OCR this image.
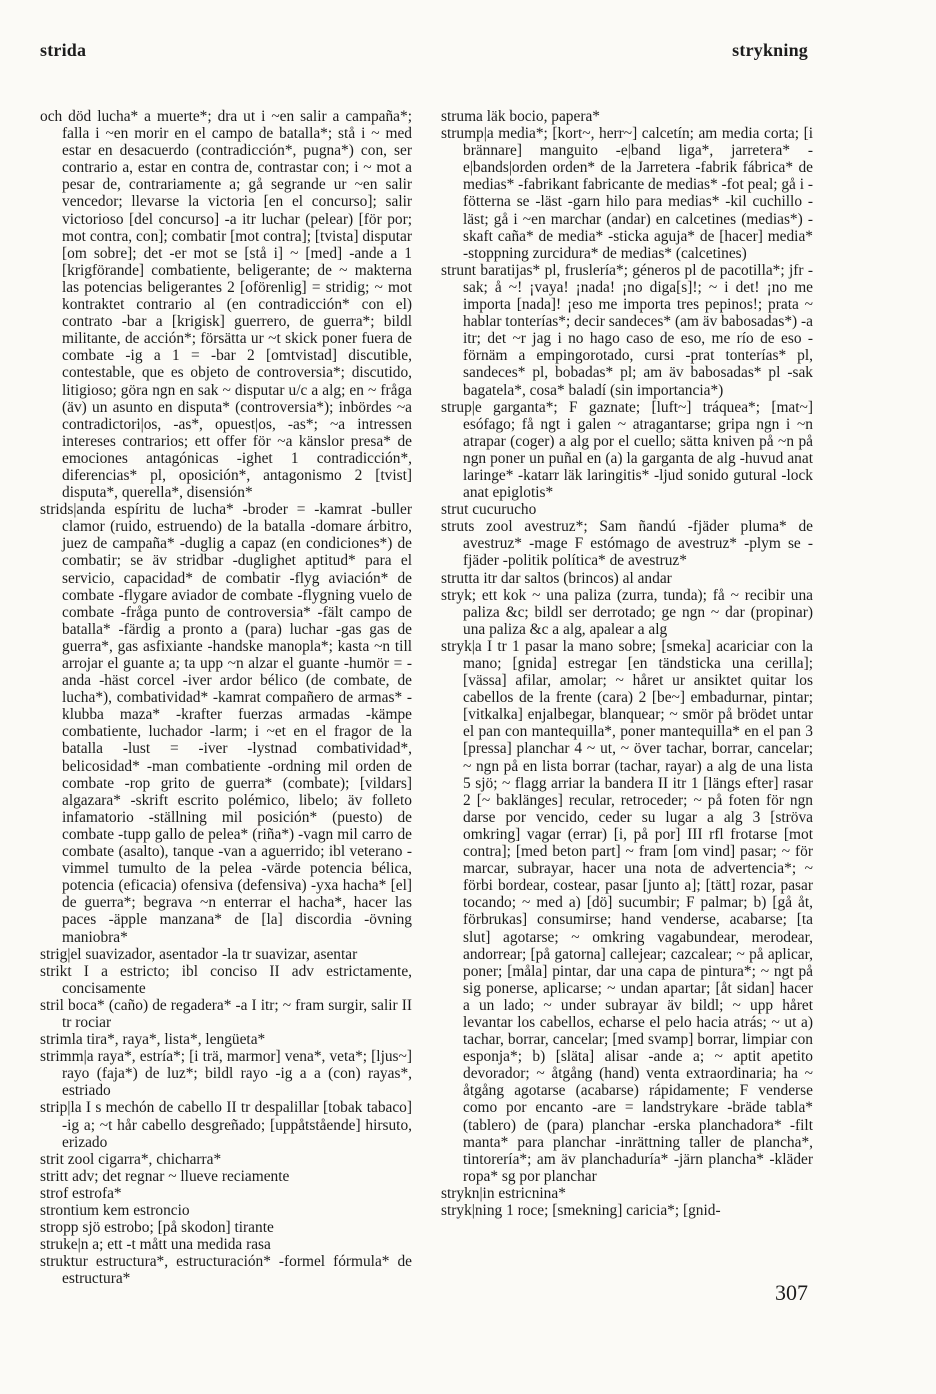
strida	strykning

och död lucha* a muerte*; dra ut i ~en salir a campaña*; falla i ~en morir en el campo de batalla*; stå i ~ med estar en desacuerdo (contradicción*, pugna*) con, ser contrario a, estar en contra de, contrastar con; i ~ mot a pesar de, contrariamente a; gå segrande ur ~en salir vencedor; llevarse la victoria [en el concurso]; salir victorioso [del concurso] -a itr luchar (pelear) [för por; mot contra, con]; combatir [mot contra]; [tvista] disputar [om sobre]; det -er mot se [stå i] ~ [med] -ande a 1 [krigförande] combatiente, beligerante; de ~ makterna las potencias beligerantes 2 [oförenlig] = stridig; ~ mot kontraktet contrario al (en contradicción* con el) contrato -bar a [krigisk] guerrero, de guerra*; bildl militante, de acción*; försätta ur ~t skick poner fuera de combate -ig a 1 = -bar 2 [omtvistad] discutible, contestable, que es objeto de controversia*; discutido, litigioso; göra ngn en sak ~ disputar u/c a alg; en ~ fråga (äv) un asunto en disputa* (controversia*); inbördes ~a contradictori|os, -as*, opuest|os, -as*; ~a intressen intereses contrarios; ett offer för ~a känslor presa* de emociones antagónicas -ighet 1 contradicción*, diferencias* pl, oposición*, antagonismo 2 [tvist] disputa*, querella*, disensión*

strids|anda espíritu de lucha* -broder = -kamrat -buller clamor (ruido, estruendo) de la batalla -domare árbitro, juez de campaña* -duglig a capaz (en condiciones*) de combatir; se äv stridbar -duglighet aptitud* para el servicio, capacidad* de combatir -flyg aviación* de combate -flygare aviador de combate -flygning vuelo de combate -fråga punto de controversia* -fält campo de batalla* -färdig a pronto a (para) luchar -gas gas de guerra*, gas asfixiante -handske manopla*; kasta ~n till arrojar el guante a; ta upp ~n alzar el guante -humör = -anda -häst corcel -iver ardor bélico (de combate, de lucha*), combatividad* -kamrat compañero de armas* -klubba maza* -krafter fuerzas armadas -kämpe combatiente, luchador -larm; i ~et en el fragor de la batalla -lust = -iver -lystnad combatividad*, belicosidad* -man combatiente -ordning mil orden de combate -rop grito de guerra* (combate); [vildars] algazara* -skrift escrito polémico, libelo; äv folleto infamatorio -ställning mil posición* (puesto) de combate -tupp gallo de pelea* (riña*) -vagn mil carro de combate (asalto), tanque -van a aguerrido; ibl veterano -vimmel tumulto de la pelea -värde potencia bélica, potencia (eficacia) ofensiva (defensiva) -yxa hacha* [el] de guerra*; begrava ~n enterrar el hacha*, hacer las paces -äpple manzana* de [la] discordia -övning maniobra*

strig|el suavizador, asentador -la tr suavizar, asentar

strikt I a estricto; ibl conciso II adv estrictamente, concisamente

stril boca* (caño) de regadera* -a I itr; ~ fram surgir, salir II tr rociar

strimla tira*, raya*, lista*, lengüeta*

strimm|a raya*, estría*; [i trä, marmor] vena*, veta*; [ljus~] rayo (faja*) de luz*; bildl rayo -ig a a (con) rayas*, estriado

strip|la I s mechón de cabello II tr despalillar [tobak tabaco] -ig a; ~t hår cabello desgreñado; [uppåtstående] hirsuto, erizado

strit zool cigarra*, chicharra*

stritt adv; det regnar ~ llueve reciamente

strof estrofa*

strontium kem estroncio

stropp sjö estrobo; [på skodon] tirante

struke|n a; ett -t mått una medida rasa

struktur estructura*, estructuración* -formel fórmula* de estructura*

struma läk bocio, papera*

strump|a media*; [kort~, herr~] calcetín; am media corta; [i brännare] manguito -e|band liga*, jarretera* -e|bands|orden orden* de la Jarretera -fabrik fábrica* de medias* -fabrikant fabricante de medias* -fot peal; gå i -fötterna se -läst -garn hilo para medias* -kil cuchillo -läst; gå i ~en marchar (andar) en calcetines (medias*) -skaft caña* de media* -sticka aguja* de [hacer] media* -stoppning zurcidura* de medias* (calcetines)

strunt baratijas* pl, fruslería*; géneros pl de pacotilla*; jfr -sak; å ~! ¡vaya! ¡nada! ¡no diga[s]!; ~ i det! ¡no me importa [nada]! ¡eso me importa tres pepinos!; prata ~ hablar tonterías*; decir sandeces* (am äv babosadas*) -a itr; det ~r jag i no hago caso de eso, me río de eso -förnäm a empingorotado, cursi -prat tonterías* pl, sandeces* pl, bobadas* pl; am äv babosadas* pl -sak bagatela*, cosa* baladí (sin importancia*)

strup|e garganta*; F gaznate; [luft~] tráquea*; [mat~] esófago; få ngt i galen ~ atragantarse; gripa ngn i ~n atrapar (coger) a alg por el cuello; sätta kniven på ~n på ngn poner un puñal en (a) la garganta de alg -huvud anat laringe* -katarr läk laringitis* -ljud sonido gutural -lock anat epiglotis*

strut cucurucho

struts zool avestruz*; Sam ñandú -fjäder pluma* de avestruz* -mage F estómago de avestruz* -plym se -fjäder -politik política* de avestruz*

strutta itr dar saltos (brincos) al andar

stryk; ett kok ~ una paliza (zurra, tunda); få ~ recibir una paliza &c; bildl ser derrotado; ge ngn ~ dar (propinar) una paliza &c a alg, apalear a alg

stryk|a I tr 1 pasar la mano sobre; [smeka] acariciar con la mano; [gnida] estregar [en tändsticka una cerilla]; [vässa] afilar, amolar; ~ håret ur ansiktet quitar los cabellos de la frente (cara) 2 [be~] embadurnar, pintar; [vitkalka] enjalbegar, blanquear; ~ smör på brödet untar el pan con mantequilla*, poner mantequilla* en el pan 3 [pressa] planchar 4 ~ ut, ~ över tachar, borrar, cancelar; ~ ngn på en lista borrar (tachar, rayar) a alg de una lista 5 sjö; ~ flagg arriar la bandera II itr 1 [längs efter] rasar 2 [~ baklänges] recular, retroceder; ~ på foten för ngn darse por vencido, ceder su lugar a alg 3 [ströva omkring] vagar (errar) [i, på por] III rfl frotarse [mot contra]; [med beton part] ~ fram [om vind] pasar; ~ för marcar, subrayar, hacer una nota de advertencia*; ~ förbi bordear, costear, pasar [junto a]; [tätt] rozar, pasar tocando; ~ med a) [dö] sucumbir; F palmar; b) [gå åt, förbrukas] consumirse; hand venderse, acabarse; [ta slut] agotarse; ~ omkring vagabundear, merodear, andorrear; [på gatorna] callejear; cazcalear; ~ på aplicar, poner; [måla] pintar, dar una capa de pintura*; ~ ngt på sig ponerse, aplicarse; ~ undan apartar; [åt sidan] hacer a un lado; ~ under subrayar äv bildl; ~ upp håret levantar los cabellos, echarse el pelo hacia atrás; ~ ut a) tachar, borrar, cancelar; [med svamp] borrar, limpiar con esponja*; b) [släta] alisar -ande a; ~ aptit apetito devorador; ~ åtgång (hand) venta extraordinaria; ha ~ åtgång agotarse (acabarse) rápidamente; F venderse como por encanto -are = landstrykare -bräde tabla* (tablero) de (para) planchar -erska planchadora* -filt manta* para planchar -inrättning taller de plancha*, tintorería*; am äv planchaduría* -järn plancha* -kläder ropa* sg por planchar

strykn|in estricnina*

stryk|ning 1 roce; [smekning] caricia*; [gnid-

307
